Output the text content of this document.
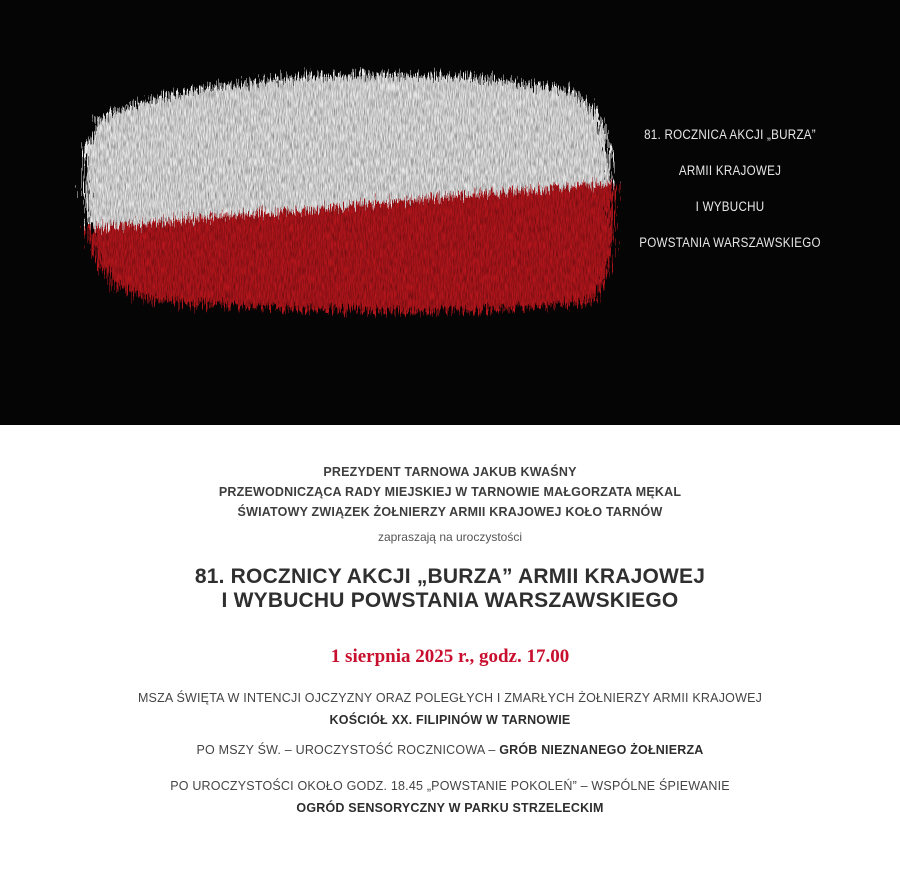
81. ROCZNICA AKCJI „BURZA”
ARMII KRAJOWEJ
I WYBUCHU
POWSTANIA WARSZAWSKIEGO
PREZYDENT TARNOWA JAKUB KWAŚNY
PRZEWODNICZĄCA RADY MIEJSKIEJ W TARNOWIE MAŁGORZATA MĘKAL
ŚWIATOWY ZWIĄZEK ŻOŁNIERZY ARMII KRAJOWEJ KOŁO TARNÓW
zapraszają na uroczystości
81. ROCZNICY AKCJI „BURZA” ARMII KRAJOWEJ
I WYBUCHU POWSTANIA WARSZAWSKIEGO
1 sierpnia 2025 r., godz. 17.00
MSZA ŚWIĘTA W INTENCJI OJCZYZNY ORAZ POLEGŁYCH I ZMARŁYCH ŻOŁNIERZY ARMII KRAJOWEJ
KOŚCIÓŁ XX. FILIPINÓW W TARNOWIE
PO MSZY ŚW. – UROCZYSTOŚĆ ROCZNICOWA – GRÓB NIEZNANEGO ŻOŁNIERZA
PO UROCZYSTOŚCI OKOŁO GODZ. 18.45 „POWSTANIE POKOLEŃ” – WSPÓLNE ŚPIEWANIE
OGRÓD SENSORYCZNY W PARKU STRZELECKIM
